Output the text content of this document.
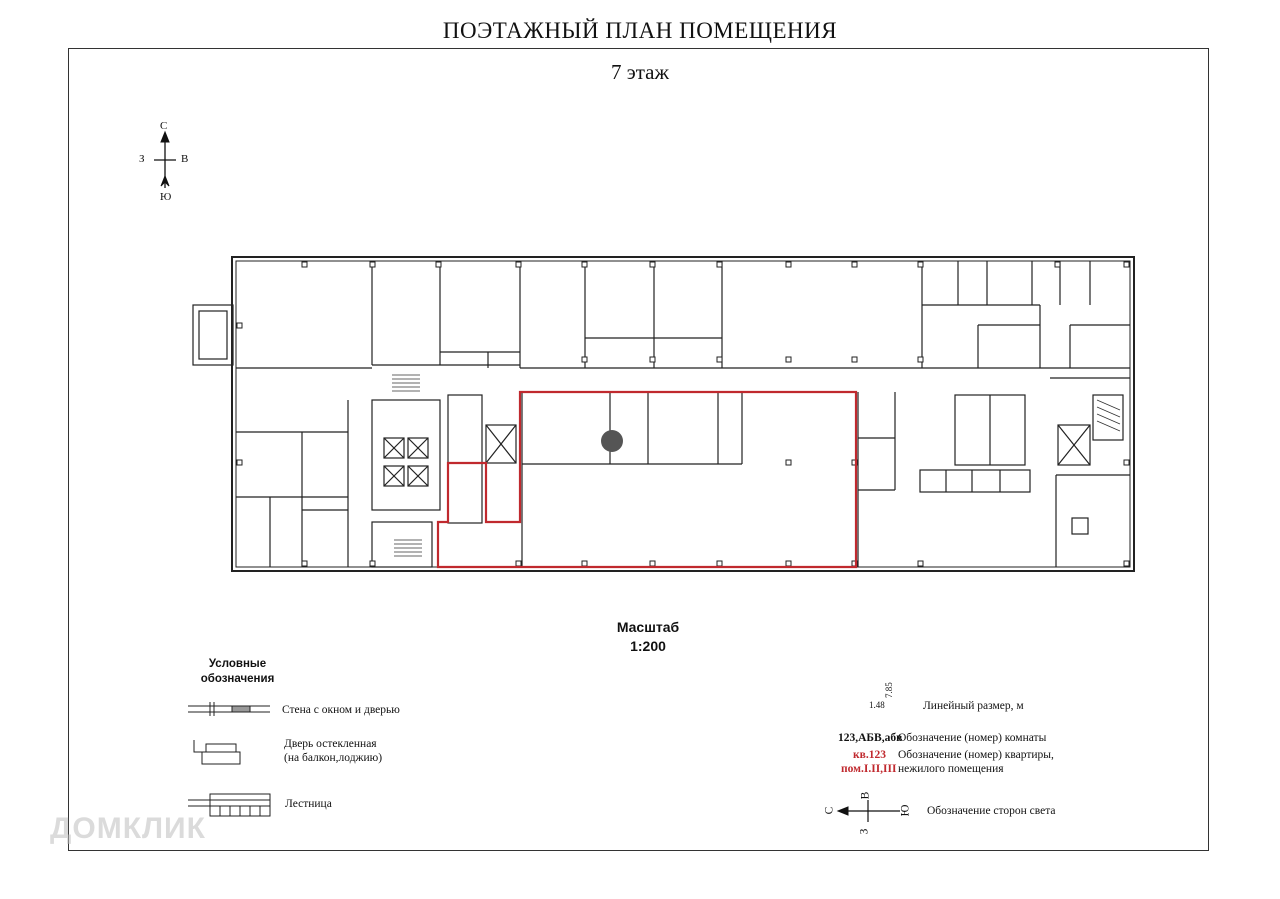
ПОЭТАЖНЫЙ ПЛАН ПОМЕЩЕНИЯ
7 этаж
С
Ю
З	В
Масштаб
1:200
Условные обозначения
Стена с окном и дверью
Дверь остекленная
(на балкон,лоджию)
Лестница
1.48
7.85
Линейный размер, м
123,АБВ,абв
Обозначение (номер) комнаты
кв.123
пом.I.II,III
Обозначение (номер) квартиры,
нежилого помещения
С
В
Ю
З
Обозначение сторон света
ДОМКЛИК
